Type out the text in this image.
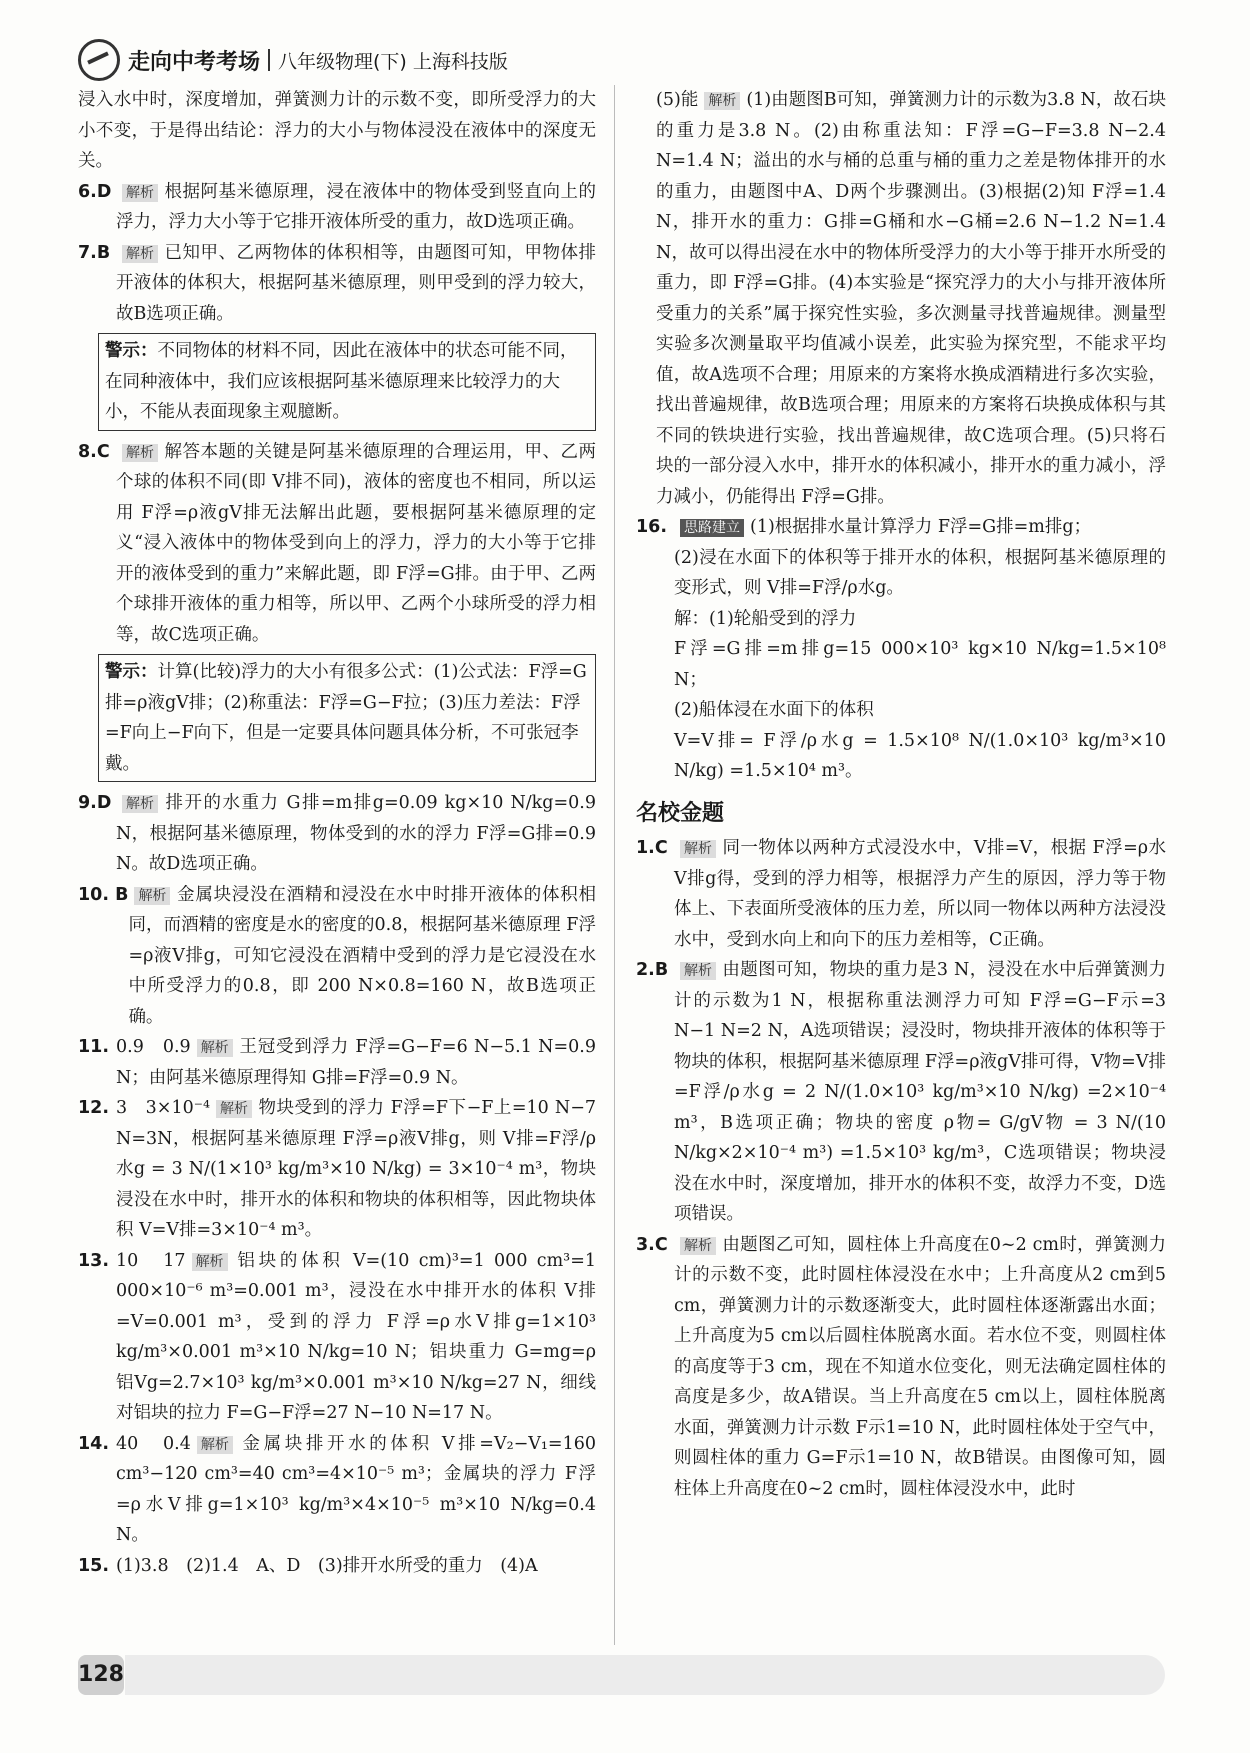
走向中考考场 八年级物理(下) 上海科技版

浸入水中时，深度增加，弹簧测力计的示数不变，即所受浮力的大小不变，于是得出结论：浮力的大小与物体浸没在液体中的深度无关。

6.D	解析 根据阿基米德原理，浸在液体中的物体受到竖直向上的浮力，浮力大小等于它排开液体所受的重力，故D选项正确。
7.B	解析 已知甲、乙两物体的体积相等，由题图可知，甲物体排开液体的体积大，根据阿基米德原理，则甲受到的浮力较大，故B选项正确。
警示：不同物体的材料不同，因此在液体中的状态可能不同，在同种液体中，我们应该根据阿基米德原理来比较浮力的大小，不能从表面现象主观臆断。
8.C	解析 解答本题的关键是阿基米德原理的合理运用，甲、乙两个球的体积不同(即 V排不同)，液体的密度也不相同，所以运用 F浮=ρ液gV排无法解出此题，要根据阿基米德原理的定义“浸入液体中的物体受到向上的浮力，浮力的大小等于它排开的液体受到的重力”来解此题，即 F浮=G排。由于甲、乙两个球排开液体的重力相等，所以甲、乙两个小球所受的浮力相等，故C选项正确。
警示：计算(比较)浮力的大小有很多公式：(1)公式法：F浮=G排=ρ液gV排；(2)称重法：F浮=G−F拉；(3)压力差法：F浮=F向上−F向下，但是一定要具体问题具体分析，不可张冠李戴。
9.D	解析 排开的水重力 G排=m排g=0.09 kg×10 N/kg=0.9 N，根据阿基米德原理，物体受到的水的浮力 F浮=G排=0.9 N。故D选项正确。
10. B 解析 金属块浸没在酒精和浸没在水中时排开液体的体积相同，而酒精的密度是水的密度的0.8，根据阿基米德原理 F浮=ρ液V排g，可知它浸没在酒精中受到的浮力是它浸没在水中所受浮力的0.8，即 200 N×0.8=160 N，故B选项正确。
11. 0.9　0.9 解析 王冠受到浮力 F浮=G−F=6 N−5.1 N=0.9 N；由阿基米德原理得知 G排=F浮=0.9 N。
12. 3　3×10⁻⁴ 解析 物块受到的浮力 F浮=F下−F上=10 N−7 N=3N，根据阿基米德原理 F浮=ρ液V排g，则 V排=F浮/ρ水g = 3 N/(1×10³ kg/m³×10 N/kg) = 3×10⁻⁴ m³，物块浸没在水中时，排开水的体积和物块的体积相等，因此物块体积 V=V排=3×10⁻⁴ m³。
13. 10　17 解析 铝块的体积 V=(10 cm)³=1 000 cm³=1 000×10⁻⁶ m³=0.001 m³，浸没在水中排开水的体积 V排=V=0.001 m³，受到的浮力 F浮=ρ水V排g=1×10³ kg/m³×0.001 m³×10 N/kg=10 N；铝块重力 G=mg=ρ铝Vg=2.7×10³ kg/m³×0.001 m³×10 N/kg=27 N，细线对铝块的拉力 F=G−F浮=27 N−10 N=17 N。
14. 40　0.4 解析 金属块排开水的体积 V排=V₂−V₁=160 cm³−120 cm³=40 cm³=4×10⁻⁵ m³；金属块的浮力 F浮=ρ水V排g=1×10³ kg/m³×4×10⁻⁵ m³×10 N/kg=0.4 N。
15. (1)3.8　(2)1.4　A、D　(3)排开水所受的重力　(4)A

(5)能 解析 (1)由题图B可知，弹簧测力计的示数为3.8 N，故石块的重力是3.8 N。(2)由称重法知：F浮=G−F=3.8 N−2.4 N=1.4 N；溢出的水与桶的总重与桶的重力之差是物体排开的水的重力，由题图中A、D两个步骤测出。(3)根据(2)知 F浮=1.4 N，排开水的重力：G排=G桶和水−G桶=2.6 N−1.2 N=1.4 N，故可以得出浸在水中的物体所受浮力的大小等于排开水所受的重力，即 F浮=G排。(4)本实验是“探究浮力的大小与排开液体所受重力的关系”属于探究性实验，多次测量寻找普遍规律。测量型实验多次测量取平均值减小误差，此实验为探究型，不能求平均值，故A选项不合理；用原来的方案将水换成酒精进行多次实验，找出普遍规律，故B选项合理；用原来的方案将石块换成体积与其不同的铁块进行实验，找出普遍规律，故C选项合理。(5)只将石块的一部分浸入水中，排开水的体积减小，排开水的重力减小，浮力减小，仍能得出 F浮=G排。

16.	思路建立 (1)根据排水量计算浮力 F浮=G排=m排g；
(2)浸在水面下的体积等于排开水的体积，根据阿基米德原理的变形式，则 V排=F浮/ρ水g。
解：(1)轮船受到的浮力
F浮=G排=m排g=15 000×10³ kg×10 N/kg=1.5×10⁸ N；
(2)船体浸在水面下的体积
V=V排= F浮/ρ水g = 1.5×10⁸ N/(1.0×10³ kg/m³×10 N/kg) =1.5×10⁴ m³。
名校金题
1.C	解析 同一物体以两种方式浸没水中，V排=V，根据 F浮=ρ水V排g得，受到的浮力相等，根据浮力产生的原因，浮力等于物体上、下表面所受液体的压力差，所以同一物体以两种方法浸没水中，受到水向上和向下的压力差相等，C正确。
2.B	解析 由题图可知，物块的重力是3 N，浸没在水中后弹簧测力计的示数为1 N，根据称重法测浮力可知 F浮=G−F示=3 N−1 N=2 N，A选项错误；浸没时，物块排开液体的体积等于物块的体积，根据阿基米德原理 F浮=ρ液gV排可得，V物=V排=F浮/ρ水g = 2 N/(1.0×10³ kg/m³×10 N/kg) =2×10⁻⁴ m³，B选项正确；物块的密度 ρ物= G/gV物 = 3 N/(10 N/kg×2×10⁻⁴ m³) =1.5×10³ kg/m³，C选项错误；物块浸没在水中时，深度增加，排开水的体积不变，故浮力不变，D选项错误。
3.C	解析 由题图乙可知，圆柱体上升高度在0~2 cm时，弹簧测力计的示数不变，此时圆柱体浸没在水中；上升高度从2 cm到5 cm，弹簧测力计的示数逐渐变大，此时圆柱体逐渐露出水面；上升高度为5 cm以后圆柱体脱离水面。若水位不变，则圆柱体的高度等于3 cm，现在不知道水位变化，则无法确定圆柱体的高度是多少，故A错误。当上升高度在5 cm以上，圆柱体脱离水面，弹簧测力计示数 F示1=10 N，此时圆柱体处于空气中，则圆柱体的重力 G=F示1=10 N，故B错误。由图像可知，圆柱体上升高度在0~2 cm时，圆柱体浸没水中，此时
128
